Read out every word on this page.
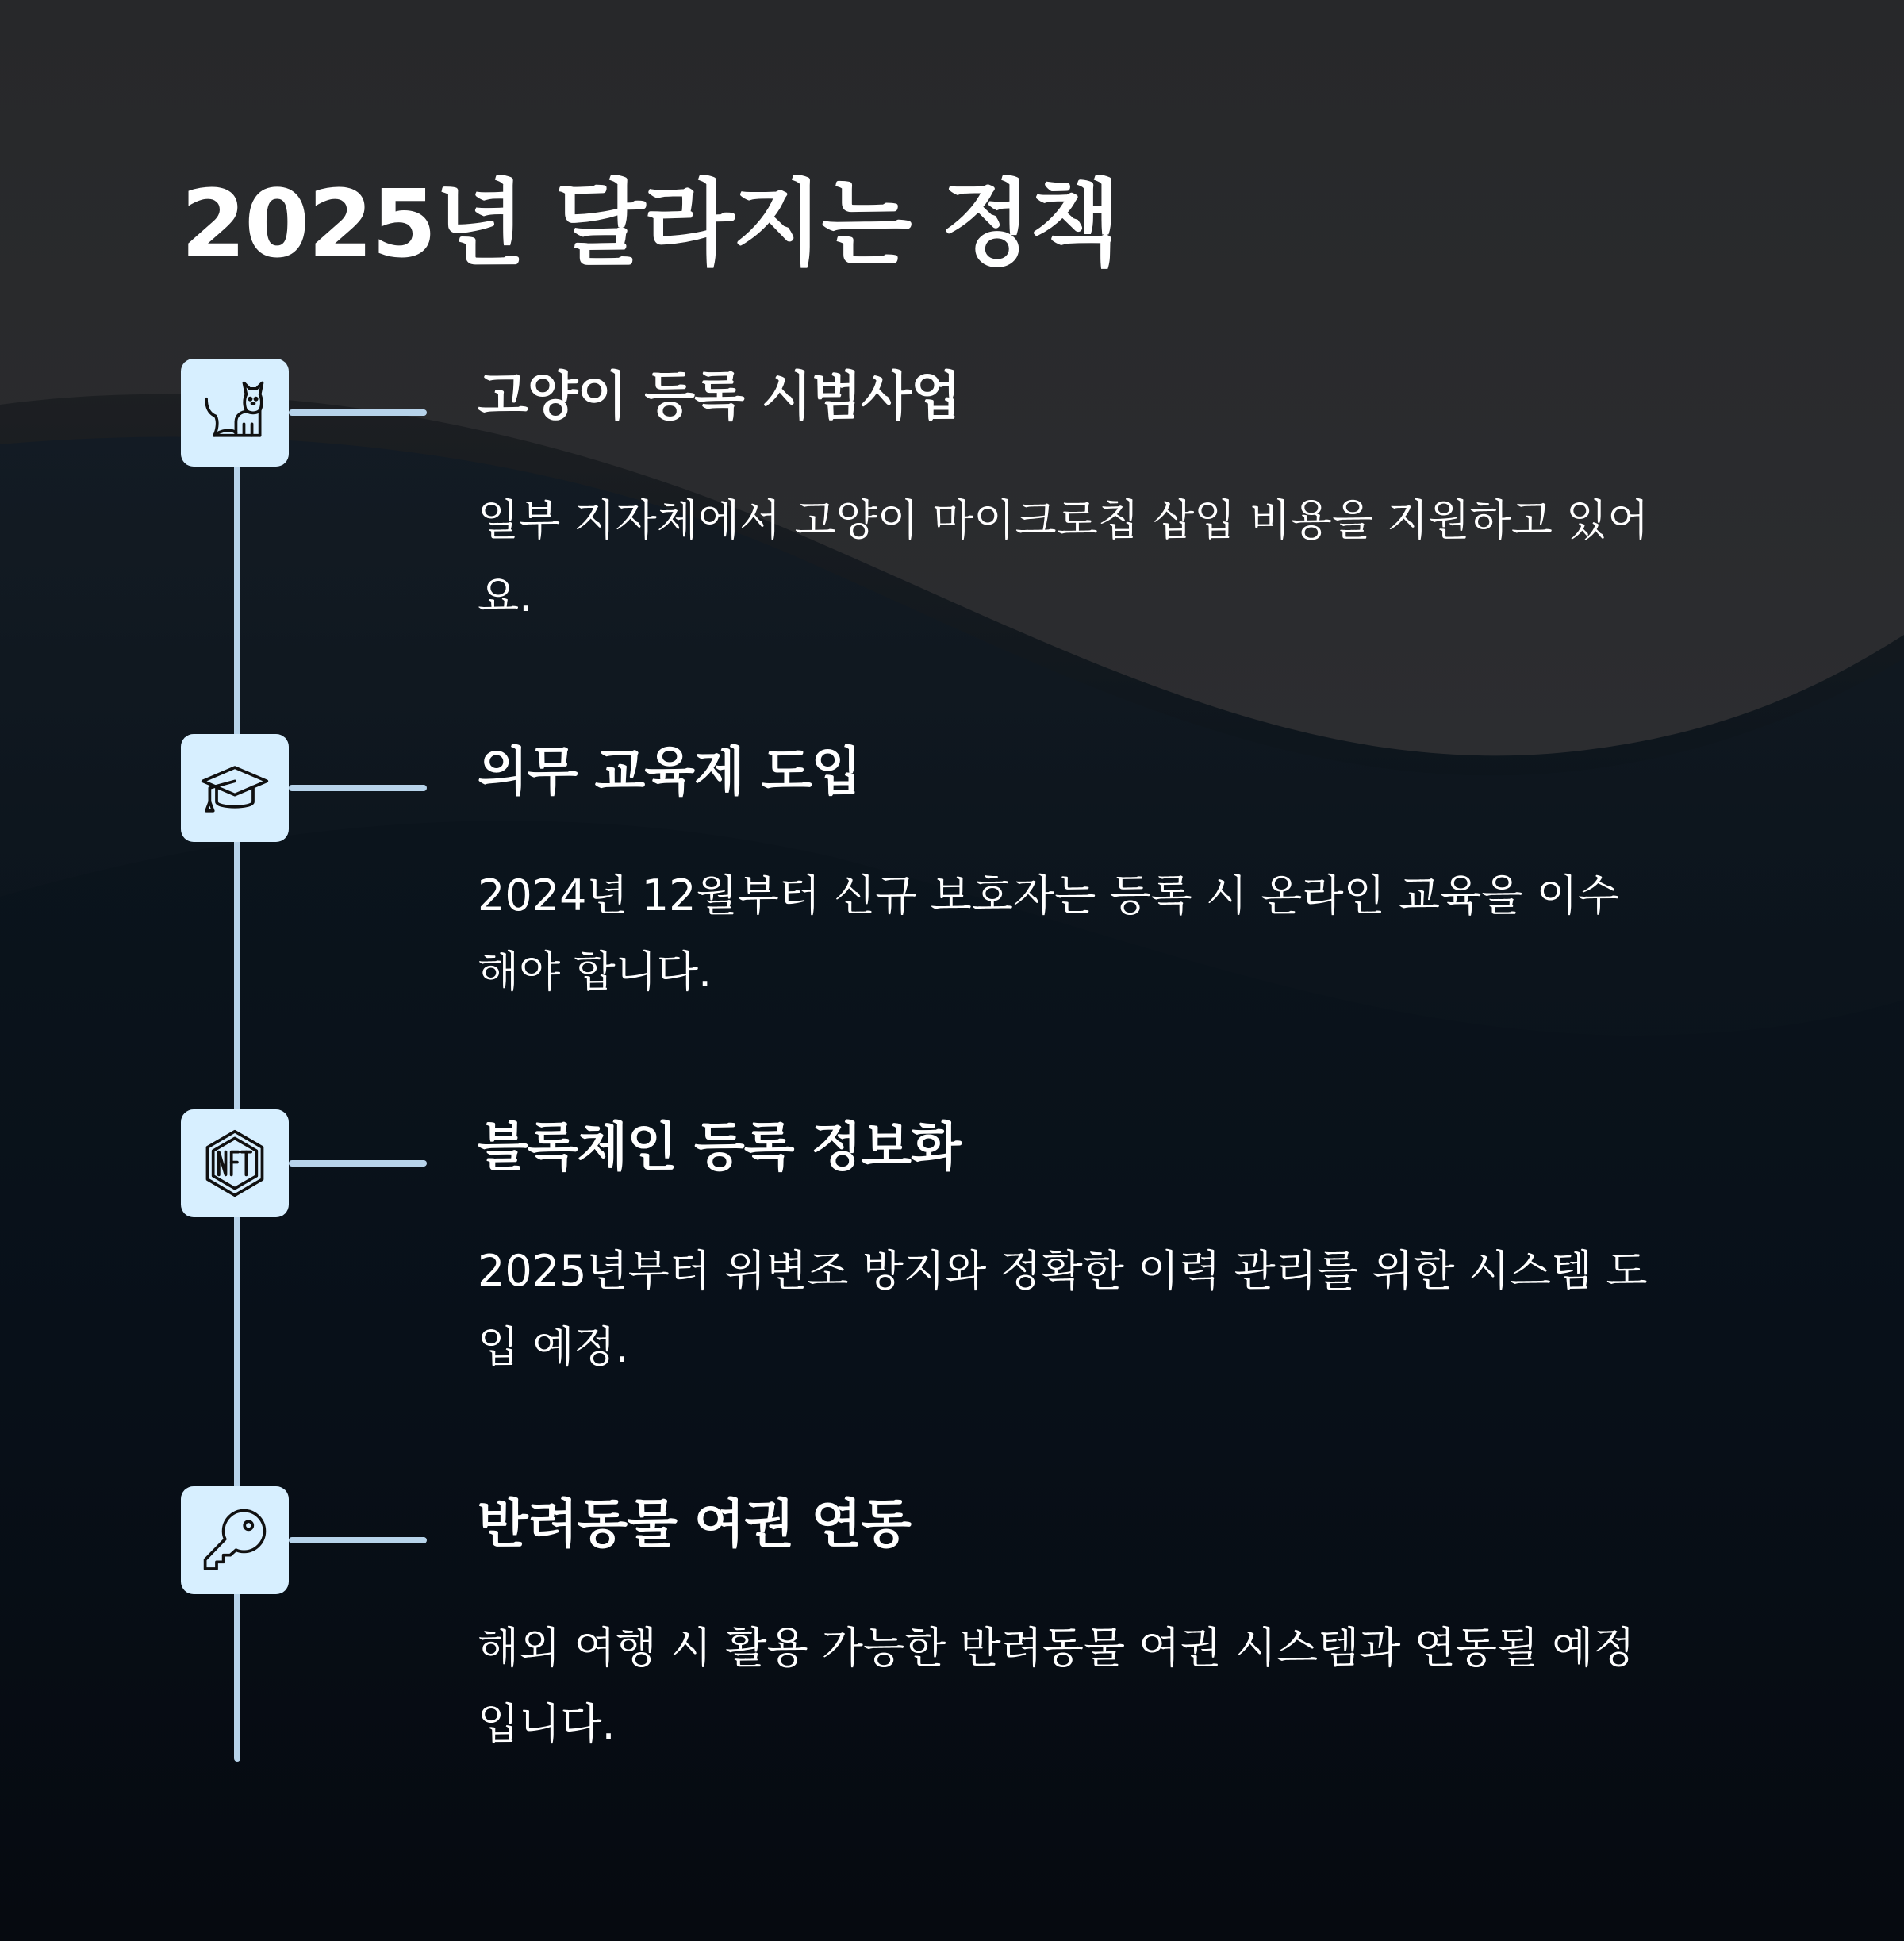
2025년 달라지는 정책
고양이 등록 시범사업

일부 지자체에서 고양이 마이크로칩 삽입 비용을 지원하고 있어
요.

의무 교육제 도입

2024년 12월부터 신규 보호자는 등록 시 온라인 교육을 이수
해야 합니다.

블록체인 등록 정보화

2025년부터 위변조 방지와 정확한 이력 관리를 위한 시스템 도
입 예정.

반려동물 여권 연동

해외 여행 시 활용 가능한 반려동물 여권 시스템과 연동될 예정
입니다.
